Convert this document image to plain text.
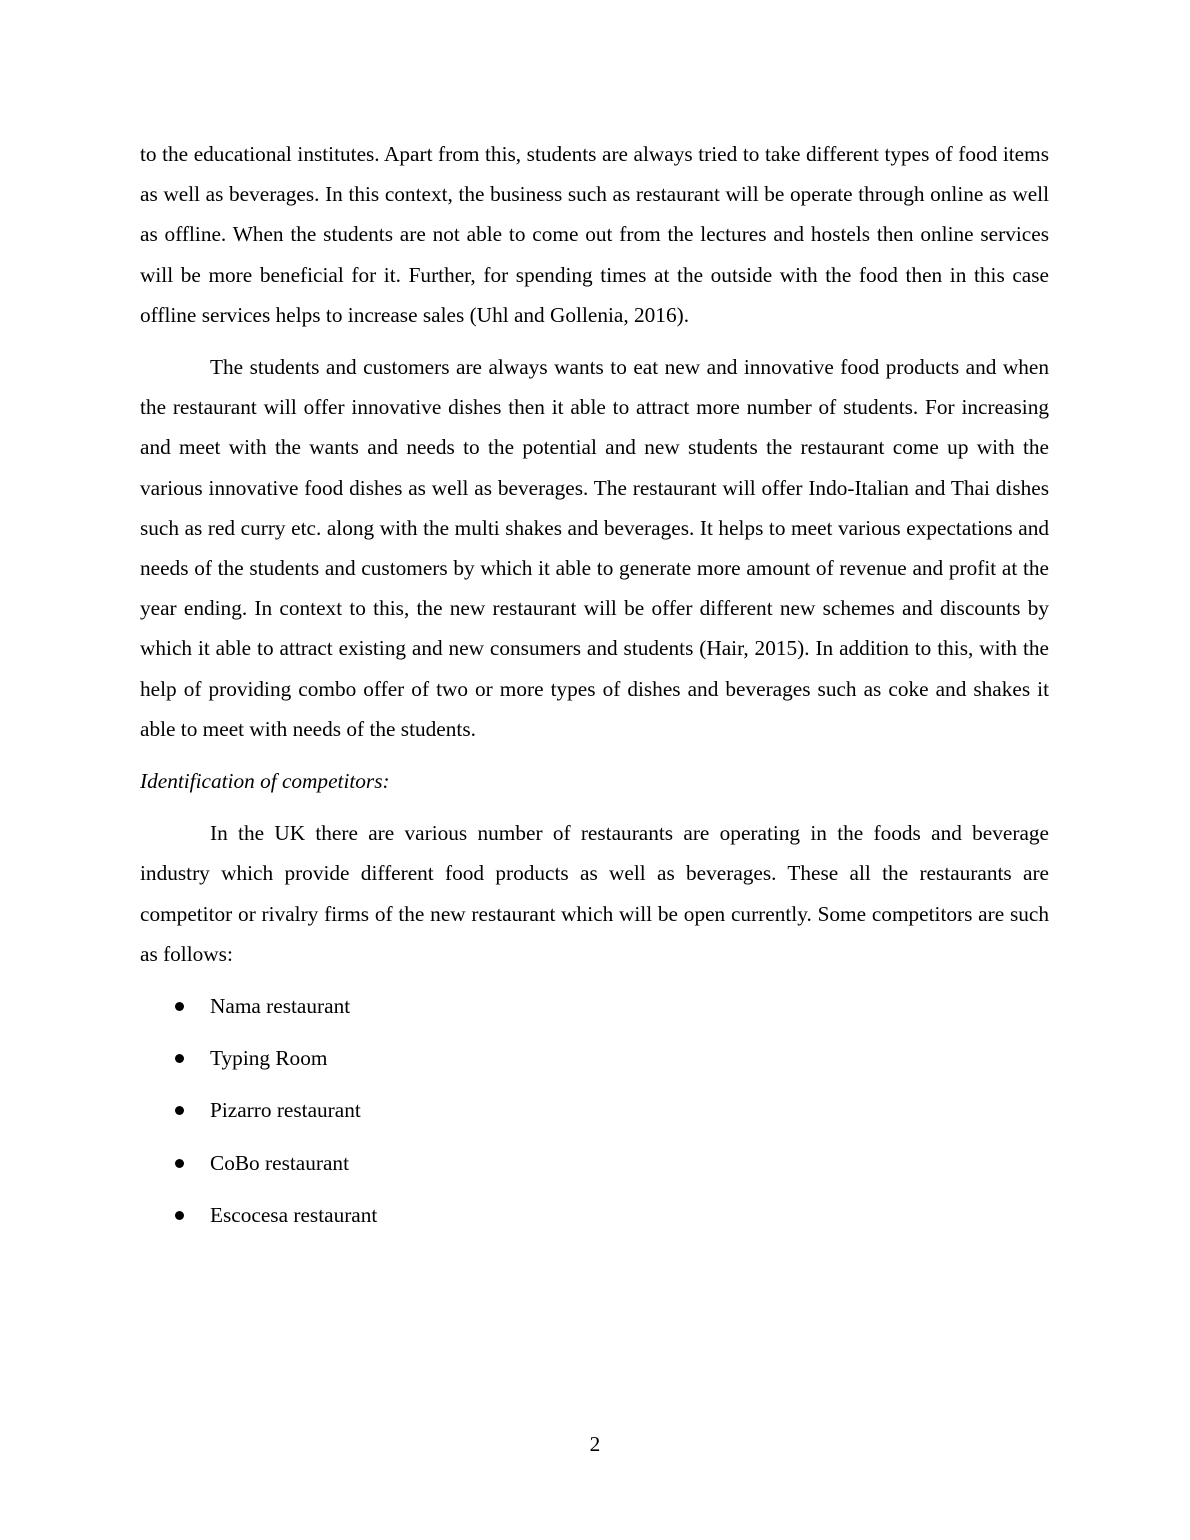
to the educational institutes. Apart from this, students are always tried to take different types of food items as well as beverages. In this context, the business such as restaurant will be operate through online as well as offline. When the students are not able to come out from the lectures and hostels then online services will be more beneficial for it. Further, for spending times at the outside with the food then in this case offline services helps to increase sales (Uhl and Gollenia, 2016).

The students and customers are always wants to eat new and innovative food products and when the restaurant will offer innovative dishes then it able to attract more number of students. For increasing and meet with the wants and needs to the potential and new students the restaurant come up with the various innovative food dishes as well as beverages. The restaurant will offer Indo-Italian and Thai dishes such as red curry etc. along with the multi shakes and beverages. It helps to meet various expectations and needs of the students and customers by which it able to generate more amount of revenue and profit at the year ending. In context to this, the new restaurant will be offer different new schemes and discounts by which it able to attract existing and new consumers and students (Hair, 2015). In addition to this, with the help of providing combo offer of two or more types of dishes and beverages such as coke and shakes it able to meet with needs of the students.

Identification of competitors:

In the UK there are various number of restaurants are operating in the foods and beverage industry which provide different food products as well as beverages. These all the restaurants are competitor or rivalry firms of the new restaurant which will be open currently. Some competitors are such as follows:

Nama restaurant
Typing Room
Pizarro restaurant
CoBo restaurant
Escocesa restaurant
2
